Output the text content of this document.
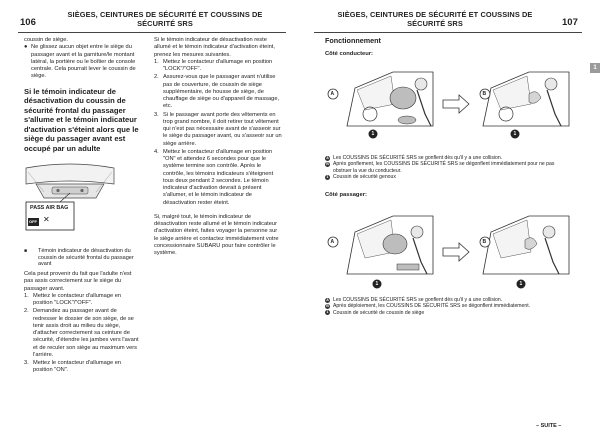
106
SIÈGES, CEINTURES DE SÉCURITÉ ET COUSSINS DE
SÉCURITÉ SRS

coussin de siège.

● Ne glissez aucun objet entre le siège du passager avant et la garniture/le montant latéral, la portière ou le boîtier de console centrale. Cela pourrait lever le coussin de siège.
Si le témoin indicateur de désactivation du coussin de sécurité frontal du passager s'allume et le témoin indicateur d'activation s'éteint alors que le siège du passager avant est occupé par un adulte
PASS AIR BAG
OFF ✕
■ Témoin indicateur de désactivation du coussin de sécurité frontal du passager avant

Cela peut provenir du fait que l'adulte n'est pas assis correctement sur le siège du passager avant.

1. Mettez le contacteur d'allumage en position "LOCK"/"OFF".
2. Demandez au passager avant de redresser le dossier de son siège, de se tenir assis droit au milieu du siège, d'attacher correctement sa ceinture de sécurité, d'étendre les jambes vers l'avant et de reculer son siège au maximum vers l'arrière.
3. Mettez le contacteur d'allumage en position "ON".

Si le témoin indicateur de désactivation reste allumé et le témoin indicateur d'activation éteint, prenez les mesures suivantes.

1. Mettez le contacteur d'allumage en position "LOCK"/"OFF".
2. Assurez-vous que le passager avant n'utilise pas de couverture, de coussin de siège supplémentaire, de housse de siège, de chauffage de siège ou d'appareil de massage, etc.
3. Si le passager avant porte des vêtements en trop grand nombre, il doit retirer tout vêtement qui n'est pas nécessaire avant de s'asseoir sur le siège du passager avant, ou s'asseoir sur un siège arrière.
4. Mettez le contacteur d'allumage en position "ON" et attendez 6 secondes pour que le système termine son contrôle. Après le contrôle, les témoins indicateurs s'éteignent tous deux pendant 2 secondes. Le témoin indicateur d'activation devrait à présent s'allumer, et le témoin indicateur de désactivation rester éteint.

Si, malgré tout, le témoin indicateur de désactivation reste allumé et le témoin indicateur d'activation éteint, faites voyager la personne sur le siège arrière et contactez immédiatement votre concessionnaire SUBARU pour faire contrôler le système.

SIÈGES, CEINTURES DE SÉCURITÉ ET COUSSINS DE
SÉCURITÉ SRS	107
Fonctionnement
1
Côté conducteur:
A	B
1	1
A Les COUSSINS DE SÉCURITÉ SRS se gonflent dès qu'il y a une collision.
B Après gonflement, les COUSSINS DE SÉCURITÉ SRS se dégonflent immédiatement pour ne pas obstruer la vue du conducteur.
1 Coussin de sécurité genoux
Côté passager:
A	B
1	1
A Les COUSSINS DE SÉCURITÉ SRS se gonflent dès qu'il y a une collision.
B Après déploiement, les COUSSINS DE SÉCURITÉ SRS se dégonflent immédiatement.
1 Coussin de sécurité de coussin de siège
– SUITE –
